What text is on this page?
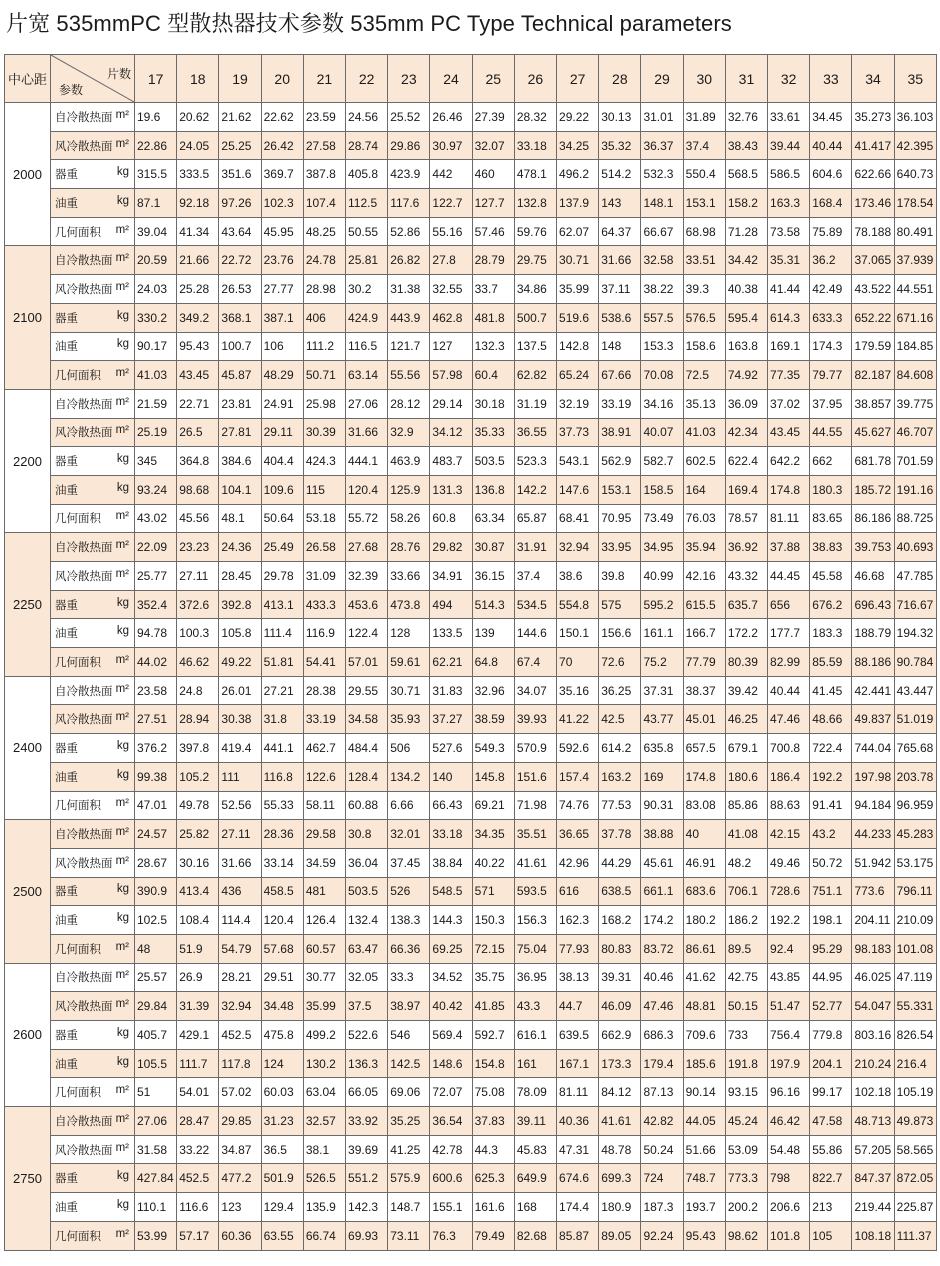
片宽 535mmPC 型散热器技术参数 535mm PC Type Technical parameters
中心距	参数
片数	17	18	19	20	21	22	23	24	25	26	27	28	29	30	31	32	33	34	35
2000	自冷散热面 m²	19.6	20.62	21.62	22.62	23.59	24.56	25.52	26.46	27.39	28.32	29.22	30.13	31.01	31.89	32.76	33.61	34.45	35.273	36.103

	风冷散热面 m²	22.86	24.05	25.25	26.42	27.58	28.74	29.86	30.97	32.07	33.18	34.25	35.32	36.37	37.4	38.43	39.44	40.44	41.417	42.395

	器重 kg	315.5	333.5	351.6	369.7	387.8	405.8	423.9	442	460	478.1	496.2	514.2	532.3	550.4	568.5	586.5	604.6	622.66	640.73

	油重 kg	87.1	92.18	97.26	102.3	107.4	112.5	117.6	122.7	127.7	132.8	137.9	143	148.1	153.1	158.2	163.3	168.4	173.46	178.54

	几何面积 m²	39.04	41.34	43.64	45.95	48.25	50.55	52.86	55.16	57.46	59.76	62.07	64.37	66.67	68.98	71.28	73.58	75.89	78.188	80.491
2100	自冷散热面 m²	20.59	21.66	22.72	23.76	24.78	25.81	26.82	27.8	28.79	29.75	30.71	31.66	32.58	33.51	34.42	35.31	36.2	37.065	37.939

	风冷散热面 m²	24.03	25.28	26.53	27.77	28.98	30.2	31.38	32.55	33.7	34.86	35.99	37.11	38.22	39.3	40.38	41.44	42.49	43.522	44.551

	器重 kg	330.2	349.2	368.1	387.1	406	424.9	443.9	462.8	481.8	500.7	519.6	538.6	557.5	576.5	595.4	614.3	633.3	652.22	671.16

	油重 kg	90.17	95.43	100.7	106	111.2	116.5	121.7	127	132.3	137.5	142.8	148	153.3	158.6	163.8	169.1	174.3	179.59	184.85

	几何面积 m²	41.03	43.45	45.87	48.29	50.71	63.14	55.56	57.98	60.4	62.82	65.24	67.66	70.08	72.5	74.92	77.35	79.77	82.187	84.608
2200	自冷散热面 m²	21.59	22.71	23.81	24.91	25.98	27.06	28.12	29.14	30.18	31.19	32.19	33.19	34.16	35.13	36.09	37.02	37.95	38.857	39.775

	风冷散热面 m²	25.19	26.5	27.81	29.11	30.39	31.66	32.9	34.12	35.33	36.55	37.73	38.91	40.07	41.03	42.34	43.45	44.55	45.627	46.707

	器重 kg	345	364.8	384.6	404.4	424.3	444.1	463.9	483.7	503.5	523.3	543.1	562.9	582.7	602.5	622.4	642.2	662	681.78	701.59

	油重 kg	93.24	98.68	104.1	109.6	115	120.4	125.9	131.3	136.8	142.2	147.6	153.1	158.5	164	169.4	174.8	180.3	185.72	191.16

	几何面积 m²	43.02	45.56	48.1	50.64	53.18	55.72	58.26	60.8	63.34	65.87	68.41	70.95	73.49	76.03	78.57	81.11	83.65	86.186	88.725
2250	自冷散热面 m²	22.09	23.23	24.36	25.49	26.58	27.68	28.76	29.82	30.87	31.91	32.94	33.95	34.95	35.94	36.92	37.88	38.83	39.753	40.693

	风冷散热面 m²	25.77	27.11	28.45	29.78	31.09	32.39	33.66	34.91	36.15	37.4	38.6	39.8	40.99	42.16	43.32	44.45	45.58	46.68	47.785

	器重 kg	352.4	372.6	392.8	413.1	433.3	453.6	473.8	494	514.3	534.5	554.8	575	595.2	615.5	635.7	656	676.2	696.43	716.67

	油重 kg	94.78	100.3	105.8	111.4	116.9	122.4	128	133.5	139	144.6	150.1	156.6	161.1	166.7	172.2	177.7	183.3	188.79	194.32

	几何面积 m²	44.02	46.62	49.22	51.81	54.41	57.01	59.61	62.21	64.8	67.4	70	72.6	75.2	77.79	80.39	82.99	85.59	88.186	90.784
2400	自冷散热面 m²	23.58	24.8	26.01	27.21	28.38	29.55	30.71	31.83	32.96	34.07	35.16	36.25	37.31	38.37	39.42	40.44	41.45	42.441	43.447

	风冷散热面 m²	27.51	28.94	30.38	31.8	33.19	34.58	35.93	37.27	38.59	39.93	41.22	42.5	43.77	45.01	46.25	47.46	48.66	49.837	51.019

	器重 kg	376.2	397.8	419.4	441.1	462.7	484.4	506	527.6	549.3	570.9	592.6	614.2	635.8	657.5	679.1	700.8	722.4	744.04	765.68

	油重 kg	99.38	105.2	111	116.8	122.6	128.4	134.2	140	145.8	151.6	157.4	163.2	169	174.8	180.6	186.4	192.2	197.98	203.78

	几何面积 m²	47.01	49.78	52.56	55.33	58.11	60.88	6.66	66.43	69.21	71.98	74.76	77.53	90.31	83.08	85.86	88.63	91.41	94.184	96.959
2500	自冷散热面 m²	24.57	25.82	27.11	28.36	29.58	30.8	32.01	33.18	34.35	35.51	36.65	37.78	38.88	40	41.08	42.15	43.2	44.233	45.283

	风冷散热面 m²	28.67	30.16	31.66	33.14	34.59	36.04	37.45	38.84	40.22	41.61	42.96	44.29	45.61	46.91	48.2	49.46	50.72	51.942	53.175

	器重 kg	390.9	413.4	436	458.5	481	503.5	526	548.5	571	593.5	616	638.5	661.1	683.6	706.1	728.6	751.1	773.6	796.11

	油重 kg	102.5	108.4	114.4	120.4	126.4	132.4	138.3	144.3	150.3	156.3	162.3	168.2	174.2	180.2	186.2	192.2	198.1	204.11	210.09

	几何面积 m²	48	51.9	54.79	57.68	60.57	63.47	66.36	69.25	72.15	75.04	77.93	80.83	83.72	86.61	89.5	92.4	95.29	98.183	101.08
2600	自冷散热面 m²	25.57	26.9	28.21	29.51	30.77	32.05	33.3	34.52	35.75	36.95	38.13	39.31	40.46	41.62	42.75	43.85	44.95	46.025	47.119

	风冷散热面 m²	29.84	31.39	32.94	34.48	35.99	37.5	38.97	40.42	41.85	43.3	44.7	46.09	47.46	48.81	50.15	51.47	52.77	54.047	55.331

	器重 kg	405.7	429.1	452.5	475.8	499.2	522.6	546	569.4	592.7	616.1	639.5	662.9	686.3	709.6	733	756.4	779.8	803.16	826.54

	油重 kg	105.5	111.7	117.8	124	130.2	136.3	142.5	148.6	154.8	161	167.1	173.3	179.4	185.6	191.8	197.9	204.1	210.24	216.4

	几何面积 m²	51	54.01	57.02	60.03	63.04	66.05	69.06	72.07	75.08	78.09	81.11	84.12	87.13	90.14	93.15	96.16	99.17	102.18	105.19
2750	自冷散热面 m²	27.06	28.47	29.85	31.23	32.57	33.92	35.25	36.54	37.83	39.11	40.36	41.61	42.82	44.05	45.24	46.42	47.58	48.713	49.873

	风冷散热面 m²	31.58	33.22	34.87	36.5	38.1	39.69	41.25	42.78	44.3	45.83	47.31	48.78	50.24	51.66	53.09	54.48	55.86	57.205	58.565

	器重 kg	427.84	452.5	477.2	501.9	526.5	551.2	575.9	600.6	625.3	649.9	674.6	699.3	724	748.7	773.3	798	822.7	847.37	872.05

	油重 kg	110.1	116.6	123	129.4	135.9	142.3	148.7	155.1	161.6	168	174.4	180.9	187.3	193.7	200.2	206.6	213	219.44	225.87

	几何面积 m²	53.99	57.17	60.36	63.55	66.74	69.93	73.11	76.3	79.49	82.68	85.87	89.05	92.24	95.43	98.62	101.8	105	108.18	111.37
